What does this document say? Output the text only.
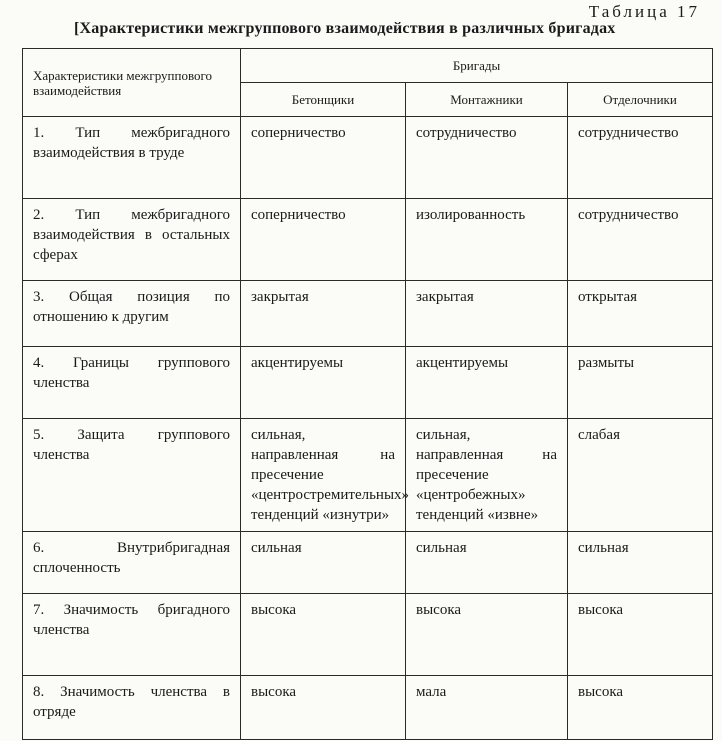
Таблица 17
[Характеристики межгруппового взаимодействия в различных бригадах
Характеристики межгруппового взаимодействия	Бригады		
	Бетонщики	Монтажники	Отделочники
1. Тип межбригадного взаимодействия в труде	соперничество	сотрудничество	сотрудничество
2. Тип межбригадного взаимодействия в остальных сферах	соперничество	изолированность	сотрудничество
3. Общая позиция по отношению к другим	закрытая	закрытая	открытая
4. Границы группового членства	акцентируемы	акцентируемы	размыты
5. Защита группового членства	сильная, направленная на пресечение «центростремительных» тенденций «изнутри»	сильная, направленная на пресечение «центробежных» тенденций «извне»	слабая
6. Внутрибригадная сплоченность	сильная	сильная	сильная
7. Значимость бригадного членства	высока	высока	высока
8. Значимость членства в отряде	высока	мала	высока
